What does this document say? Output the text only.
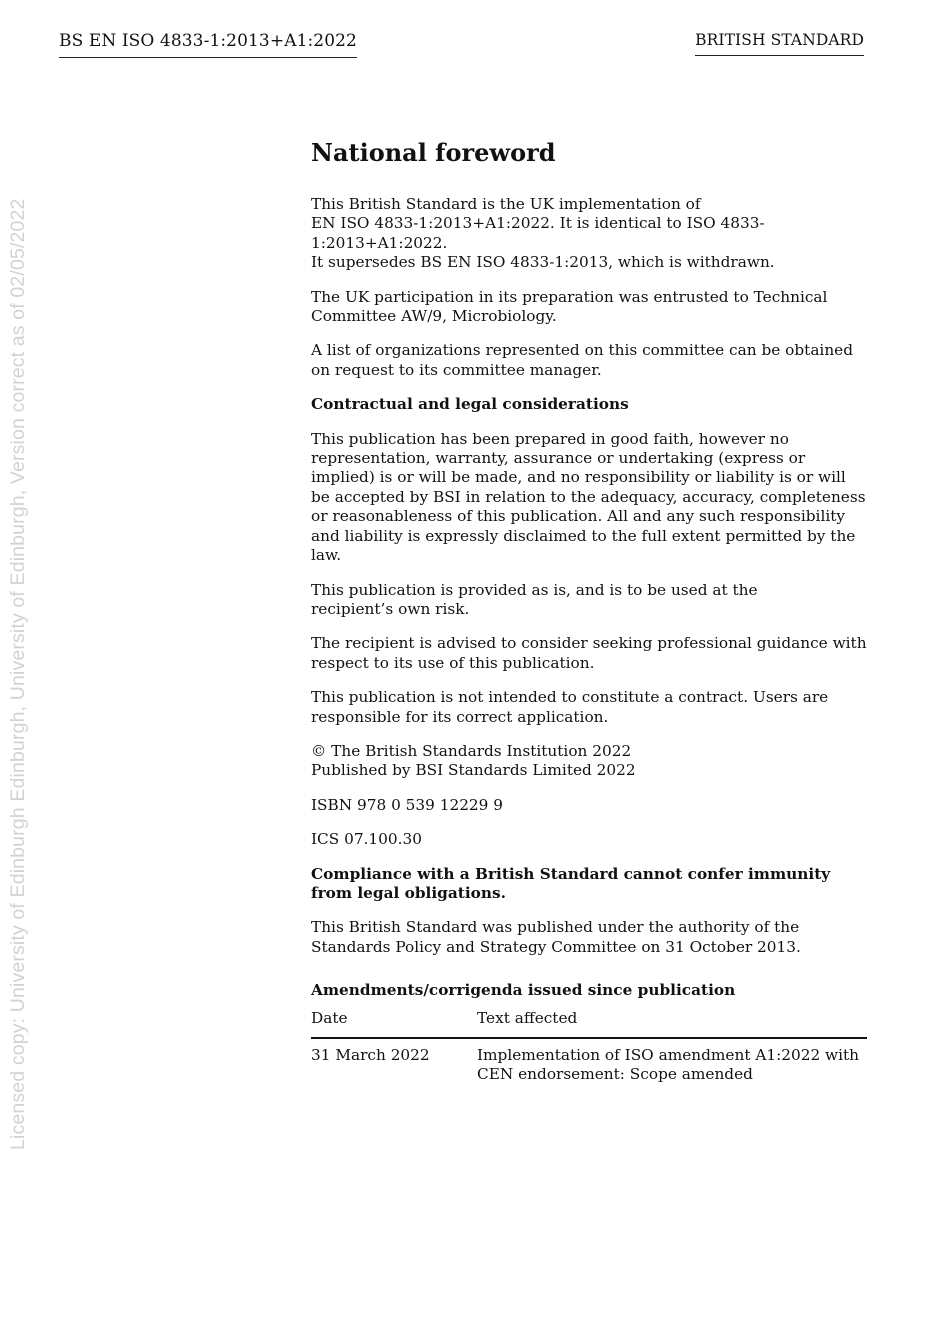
BS EN ISO 4833-1:2013+A1:2022	BRITISH STANDARD
Licensed copy: University of Edinburgh Edinburgh, University of Edinburgh, Version correct as of 02/05/2022
National foreword

This British Standard is the UK implementation of
EN ISO 4833-1:2013+A1:2022. It is identical to ISO 4833-1:2013+A1:2022.
It supersedes BS EN ISO 4833-1:2013, which is withdrawn.

The UK participation in its preparation was entrusted to Technical Committee AW/9, Microbiology.

A list of organizations represented on this committee can be obtained on request to its committee manager.

Contractual and legal considerations

This publication has been prepared in good faith, however no representation, warranty, assurance or undertaking (express or implied) is or will be made, and no responsibility or liability is or will be accepted by BSI in relation to the adequacy, accuracy, completeness or reasonableness of this publication. All and any such responsibility and liability is expressly disclaimed to the full extent permitted by the law.

This publication is provided as is, and is to be used at the
recipient’s own risk.

The recipient is advised to consider seeking professional guidance with respect to its use of this publication.

This publication is not intended to constitute a contract. Users are responsible for its correct application.

© The British Standards Institution 2022
Published by BSI Standards Limited 2022

ISBN 978 0 539 12229 9

ICS 07.100.30

Compliance with a British Standard cannot confer immunity from legal obligations.

This British Standard was published under the authority of the Standards Policy and Strategy Committee on 31 October 2013.

Amendments/corrigenda issued since publication
Date	Text affected
31 March 2022	Implementation of ISO amendment A1:2022 with CEN endorsement: Scope amended
